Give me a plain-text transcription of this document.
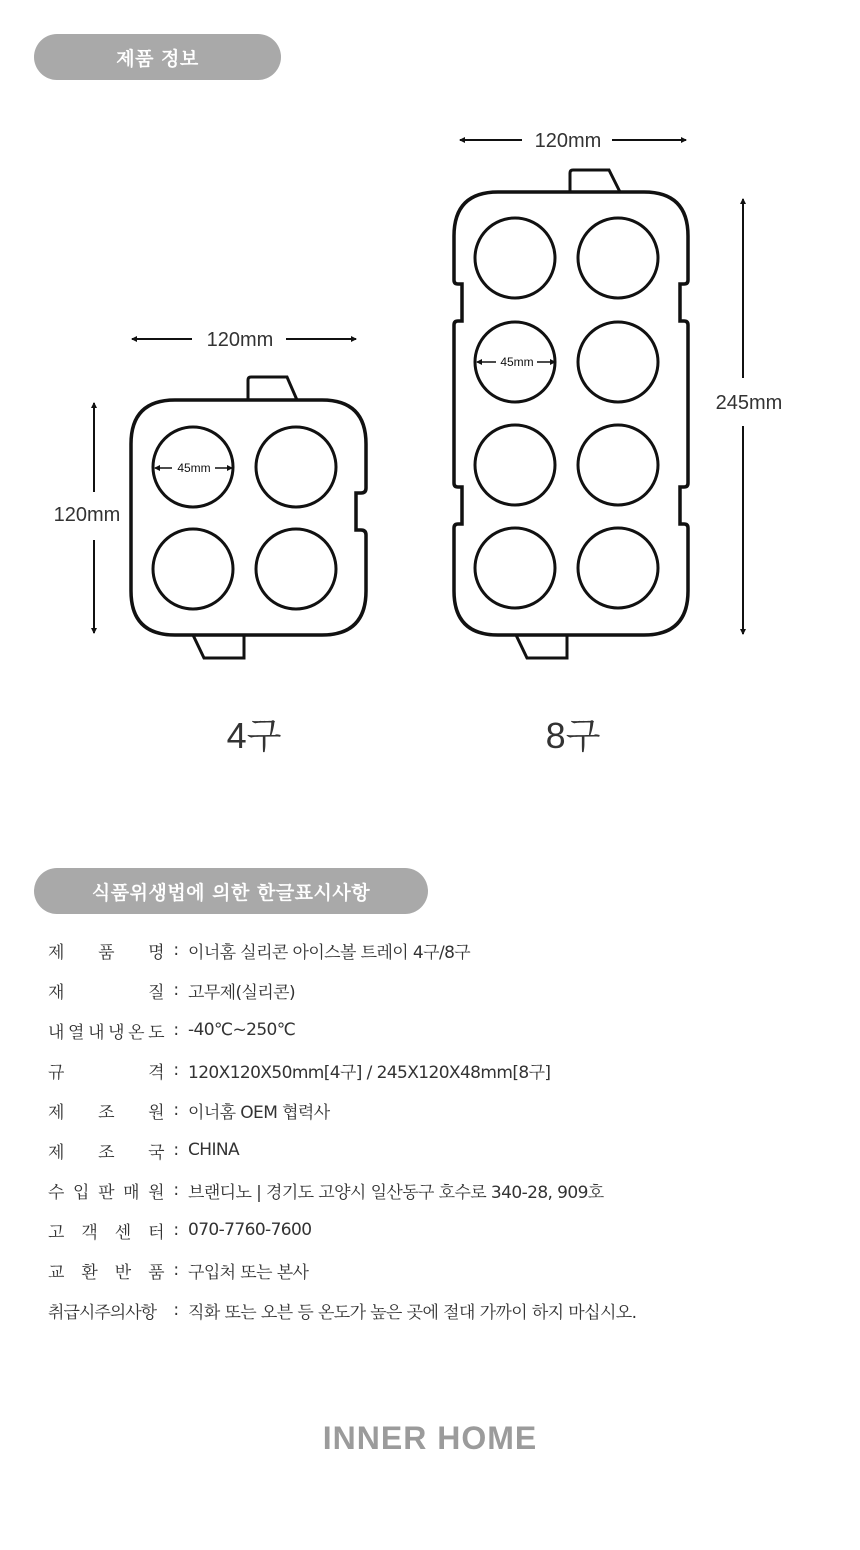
제품 정보
45mm
120mm
120mm
4구
45mm
120mm
245mm
8구
식품위생법에 의한 한글표시사항
제 품 명 : 이너홈 실리콘 아이스볼 트레이 4구/8구
재	질 : 고무제(실리콘)
내 열 내 냉 온 도 : -40℃~250℃
규	격 : 120X120X50mm[4구] / 245X120X48mm[8구]
제 조 원 : 이너홈 OEM 협력사
제 조 국 : CHINA
수 입 판 매 원 : 브랜디노 | 경기도 고양시 일산동구 호수로 340-28, 909호
고 객 센 터 : 070-7760-7600
교 환 반 품 : 구입처 또는 본사
취 급 시 주 의 사 항	: 직화 또는 오븐 등 온도가 높은 곳에 절대 가까이 하지 마십시오.
INNER HOME
